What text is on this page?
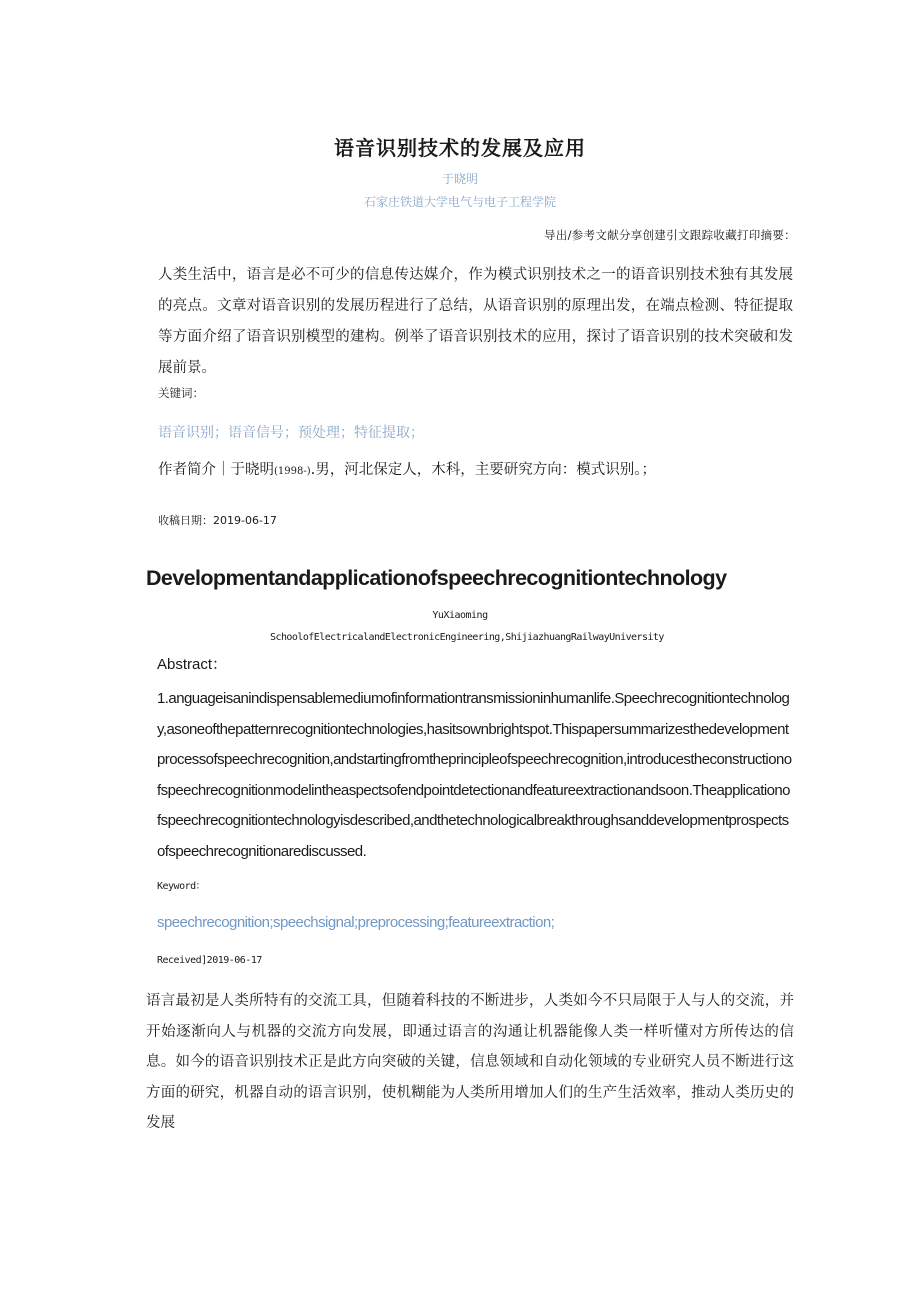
语音识别技术的发展及应用
于晓明
石家庄铁道大学电气与电子工程学院
导出/参考文献分享创建引文跟踪收藏打印摘要：

人类生活中，语言是必不可少的信息传达媒介，作为模式识别技术之一的语音识别技术独有其发展的亮点。文章对语音识别的发展历程进行了总结，从语音识别的原理出发，在端点检测、特征提取等方面介绍了语音识别模型的建构。例举了语音识别技术的应用，探讨了语音识别的技术突破和发展前景。

关键词：
语音识别；语音信号；预处理；特征提取；
作者简介｜于晓明(1998-).男，河北保定人，木科，主要研究方向：模式识别。；
收稿日期：2019-06-17
Developmentandapplicationofspeechrecognitiontechnology
YuXiaoming
SchoolofElectricalandElectronicEngineering,ShijiazhuangRailwayUniversity
Abstract：

1.anguageisanindispensablemediumofinformationtransmissioninhumanlife.Speechrecognitiontechnology,asoneofthepatternrecognitiontechnologies,hasitsownbrightspot.Thispapersummarizesthedevelopmentprocessofspeechrecognition,andstartingfromtheprincipleofspeechrecognition,introducestheconstructionofspeechrecognitionmodelintheaspectsofendpointdetectionandfeatureextractionandsoon.Theapplicationofspeechrecognitiontechnologyisdescribed,andthetechnologicalbreakthroughsanddevelopmentprospectsofspeechrecognitionarediscussed.

Keyword：
speechrecognition;speechsignal;preprocessing;featureextraction;
Received]2019-06-17

语言最初是人类所特有的交流工具，但随着科技的不断进步，人类如今不只局限于人与人的交流，并开始逐渐向人与机器的交流方向发展，即通过语言的沟通让机器能像人类一样听懂对方所传达的信息。如今的语音识别技术正是此方向突破的关键，信息领域和自动化领域的专业研究人员不断进行这方面的研究，机器自动的语言识别，使机糊能为人类所用增加人们的生产生活效率，推动人类历史的发展
